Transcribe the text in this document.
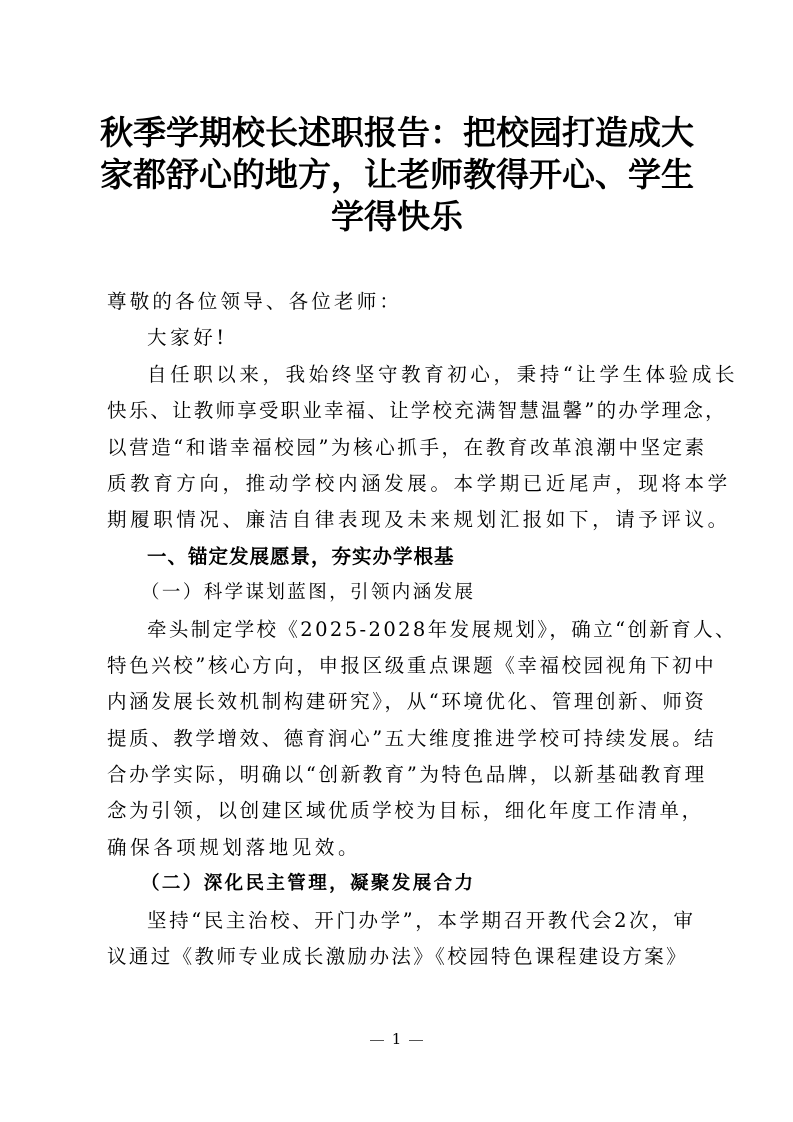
秋季学期校长述职报告：把校园打造成大
家都舒心的地方，让老师教得开心、学生
学得快乐
尊敬的各位领导、各位老师：
大家好!
自任职以来，我始终坚守教育初心，秉持“让学生体验成长
快乐、让教师享受职业幸福、让学校充满智慧温馨”的办学理念，
以营造“和谐幸福校园”为核心抓手，在教育改革浪潮中坚定素
质教育方向，推动学校内涵发展。本学期已近尾声，现将本学
期履职情况、廉洁自律表现及未来规划汇报如下，请予评议。
一、锚定发展愿景，夯实办学根基
（一）科学谋划蓝图，引领内涵发展
牵头制定学校《2025-2028年发展规划》，确立“创新育人、
特色兴校”核心方向，申报区级重点课题《幸福校园视角下初中
内涵发展长效机制构建研究》，从“环境优化、管理创新、师资
提质、教学增效、德育润心”五大维度推进学校可持续发展。结
合办学实际，明确以“创新教育”为特色品牌，以新基础教育理
念为引领，以创建区域优质学校为目标，细化年度工作清单，
确保各项规划落地见效。
（二）深化民主管理，凝聚发展合力
坚持“民主治校、开门办学”，本学期召开教代会2次，审
议通过《教师专业成长激励办法》《校园特色课程建设方案》
1
